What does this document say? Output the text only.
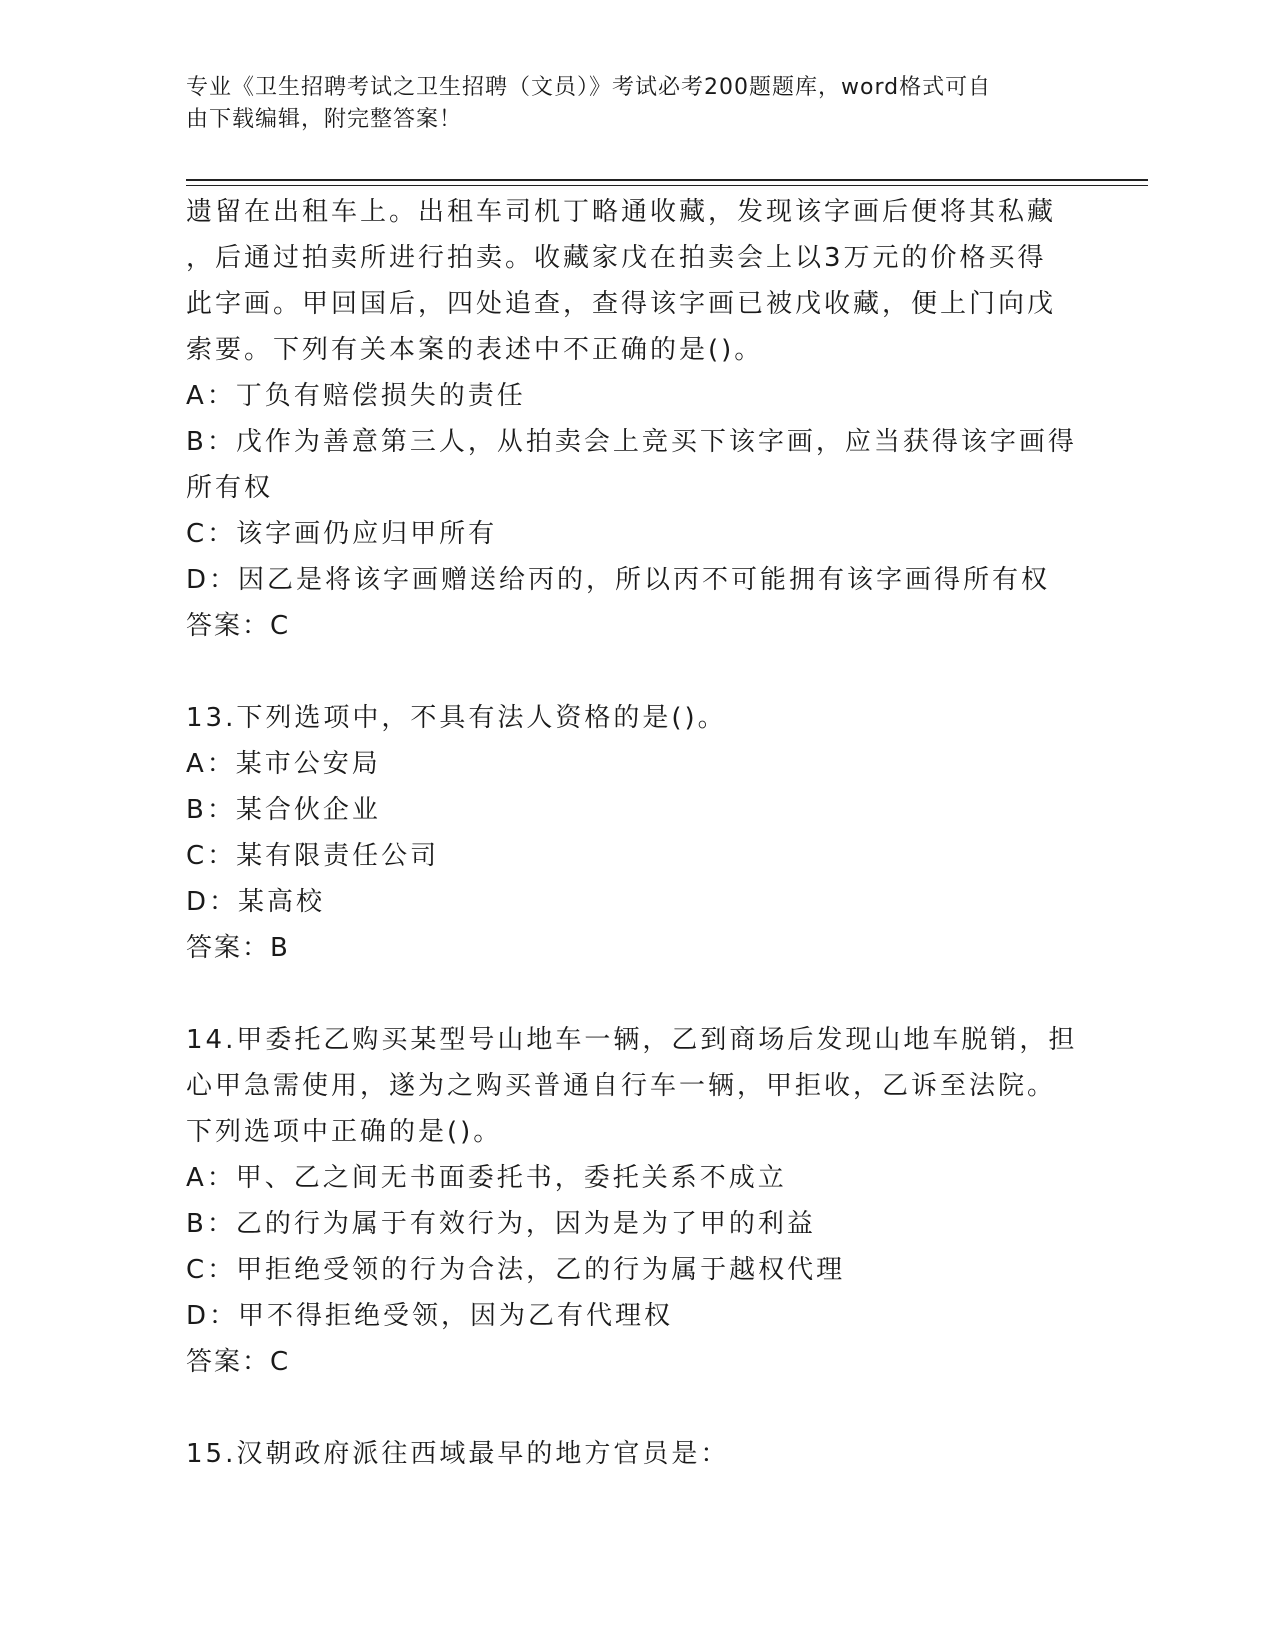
专业《卫生招聘考试之卫生招聘（文员）》考试必考200题题库，word格式可自
由下载编辑，附完整答案！
遗留在出租车上。出租车司机丁略通收藏，发现该字画后便将其私藏
，后通过拍卖所进行拍卖。收藏家戊在拍卖会上以3万元的价格买得
此字画。甲回国后，四处追查，查得该字画已被戊收藏，便上门向戊
索要。下列有关本案的表述中不正确的是()。
A：丁负有赔偿损失的责任
B：戊作为善意第三人，从拍卖会上竞买下该字画，应当获得该字画得
所有权
C：该字画仍应归甲所有
D：因乙是将该字画赠送给丙的，所以丙不可能拥有该字画得所有权
答案：C
13.下列选项中，不具有法人资格的是()。
A：某市公安局
B：某合伙企业
C：某有限责任公司
D：某高校
答案：B
14.甲委托乙购买某型号山地车一辆，乙到商场后发现山地车脱销，担
心甲急需使用，遂为之购买普通自行车一辆，甲拒收，乙诉至法院。
下列选项中正确的是()。
A：甲、乙之间无书面委托书，委托关系不成立
B：乙的行为属于有效行为，因为是为了甲的利益
C：甲拒绝受领的行为合法，乙的行为属于越权代理
D：甲不得拒绝受领，因为乙有代理权
答案：C
15.汉朝政府派往西域最早的地方官员是：
